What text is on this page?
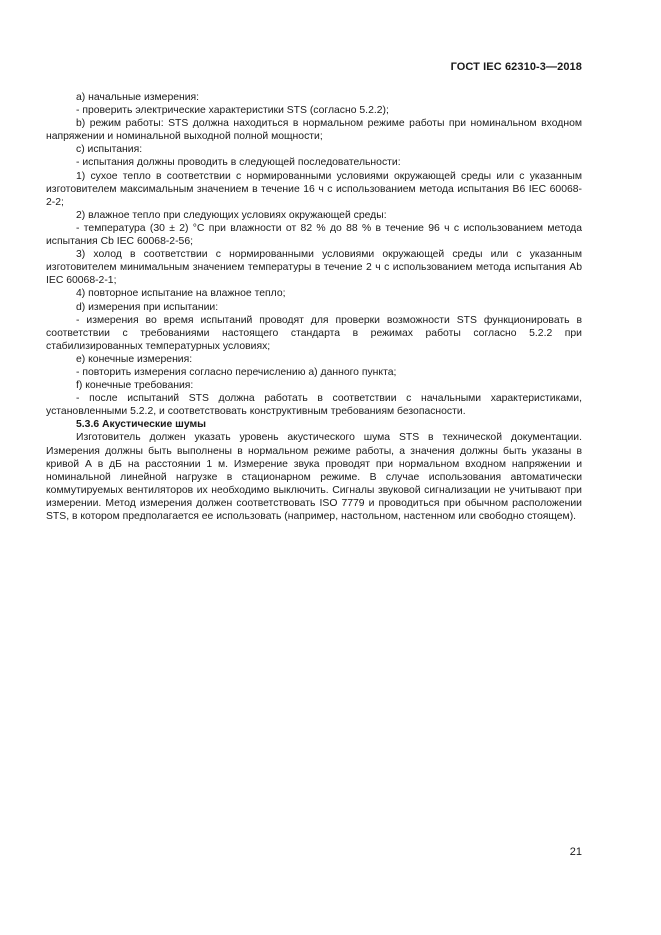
ГОСТ IEC 62310-3—2018

a) начальные измерения:

- проверить электрические характеристики STS (согласно 5.2.2);

b) режим работы: STS должна находиться в нормальном режиме работы при номинальном входном напряжении и номинальной выходной полной мощности;

c) испытания:

- испытания должны проводить в следующей последовательности:

1) сухое тепло в соответствии с нормированными условиями окружающей среды или с указанным изготовителем максимальным значением в течение 16 ч с использованием метода испытания B6 IEC 60068-2-2;

2) влажное тепло при следующих условиях окружающей среды:

- температура (30 ± 2) °С при влажности от 82 % до 88 % в течение 96 ч с использованием метода испытания Cb IEC 60068-2-56;

3) холод в соответствии с нормированными условиями окружающей среды или с указанным изготовителем минимальным значением температуры в течение 2 ч с использованием метода испытания Ab IEC 60068-2-1;

4) повторное испытание на влажное тепло;

d) измерения при испытании:

- измерения во время испытаний проводят для проверки возможности STS функционировать в соответствии с требованиями настоящего стандарта в режимах работы согласно 5.2.2 при стабилизированных температурных условиях;

e) конечные измерения:

- повторить измерения согласно перечислению а) данного пункта;

f) конечные требования:

- после испытаний STS должна работать в соответствии с начальными характеристиками, установленными 5.2.2, и соответствовать конструктивным требованиям безопасности.

5.3.6 Акустические шумы

Изготовитель должен указать уровень акустического шума STS в технической документации. Измерения должны быть выполнены в нормальном режиме работы, а значения должны быть указаны в кривой А в дБ на расстоянии 1 м. Измерение звука проводят при нормальном входном напряжении и номинальной линейной нагрузке в стационарном режиме. В случае использования автоматически коммутируемых вентиляторов их необходимо выключить. Сигналы звуковой сигнализации не учитывают при измерении. Метод измерения должен соответствовать ISO 7779 и проводиться при обычном расположении STS, в котором предполагается ее использовать (например, настольном, настенном или свободно стоящем).

21
